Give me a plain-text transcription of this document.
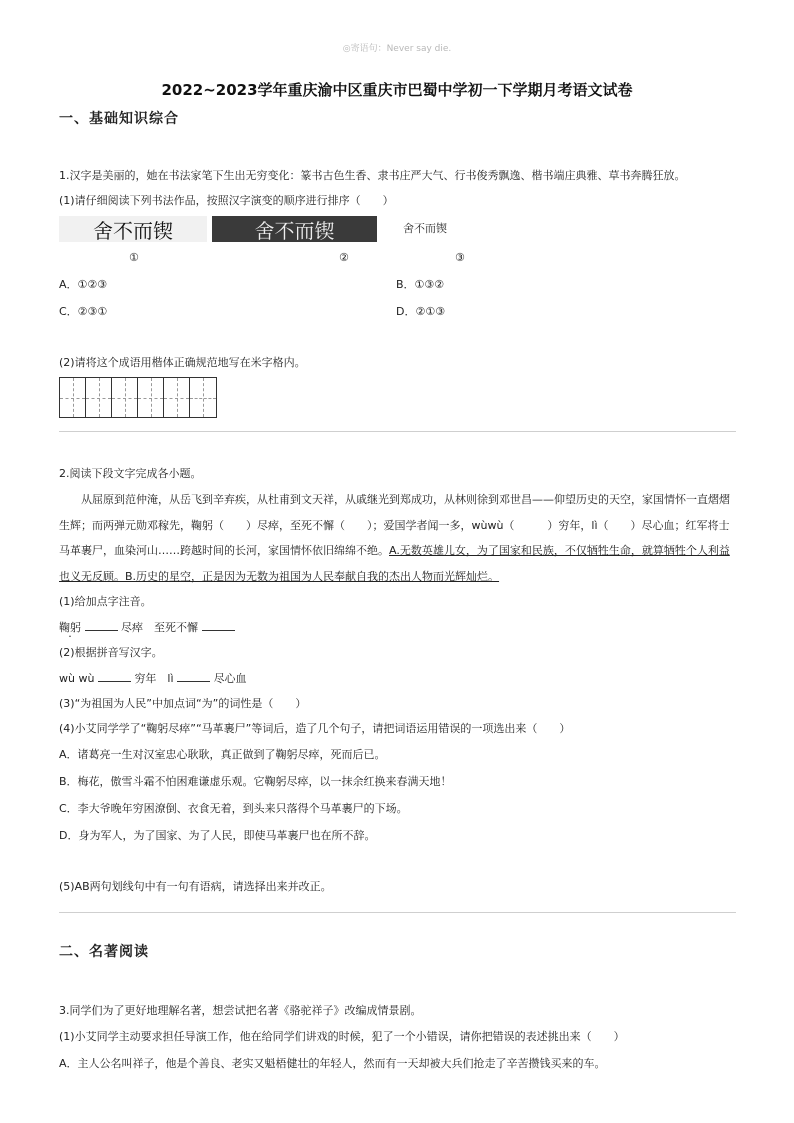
◎寄语句：Never say die.
2022~2023学年重庆渝中区重庆市巴蜀中学初一下学期月考语文试卷
一、基础知识综合
1.汉字是美丽的，她在书法家笔下生出无穷变化：篆书古色生香、隶书庄严大气、行书俊秀飘逸、楷书端庄典雅、草书奔腾狂放。
(1)请仔细阅读下列书法作品，按照汉字演变的顺序进行排序（　　）
舍不而锲	舍不而锲	舍不而锲
①	②	③
A．①②③	B．①③②
C．②③①	D．②①③
(2)请将这个成语用楷体正确规范地写在米字格内。
2.阅读下段文字完成各小题。
　　从屈原到范仲淹，从岳飞到辛弃疾，从杜甫到文天祥，从戚继光到郑成功，从林则徐到邓世昌——仰望历史的天空，家国情怀一直熠熠生辉；而两弹元勋邓稼先，鞠躬（　　）尽瘁，至死不懈（　　）；爱国学者闻一多，wùwù（　　　）穷年，lì（　　）尽心血；红军将士马革裹尸，血染河山……跨越时间的长河，家国情怀依旧绵绵不绝。A.无数英雄儿女，为了国家和民族，不仅牺牲生命，就算牺牲个人利益也义无反顾。B.历史的星空，正是因为无数为祖国为人民奉献自我的杰出人物而光辉灿烂。
(1)给加点字注音。
鞠躬	尽瘁　至死不懈
(2)根据拼音写汉字。
wù wù	穷年　lì	尽心血
(3)“为祖国为人民”中加点词“为”的词性是（　　）
(4)小艾同学学了“鞠躬尽瘁”“马革裹尸”等词后，造了几个句子，请把词语运用错误的一项选出来（　　）
A．诸葛亮一生对汉室忠心耿耿，真正做到了鞠躬尽瘁，死而后已。
B．梅花，傲雪斗霜不怕困难谦虚乐观。它鞠躬尽瘁，以一抹余红换来春满天地！
C．李大爷晚年穷困潦倒、衣食无着，到头来只落得个马革裹尸的下场。
D．身为军人，为了国家、为了人民，即使马革裹尸也在所不辞。
(5)AB两句划线句中有一句有语病，请选择出来并改正。
二、名著阅读
3.同学们为了更好地理解名著，想尝试把名著《骆驼祥子》改编成情景剧。
(1)小艾同学主动要求担任导演工作，他在给同学们讲戏的时候，犯了一个小错误，请你把错误的表述挑出来（　　）
A．主人公名叫祥子，他是个善良、老实又魁梧健壮的年轻人，然而有一天却被大兵们抢走了辛苦攒钱买来的车。
